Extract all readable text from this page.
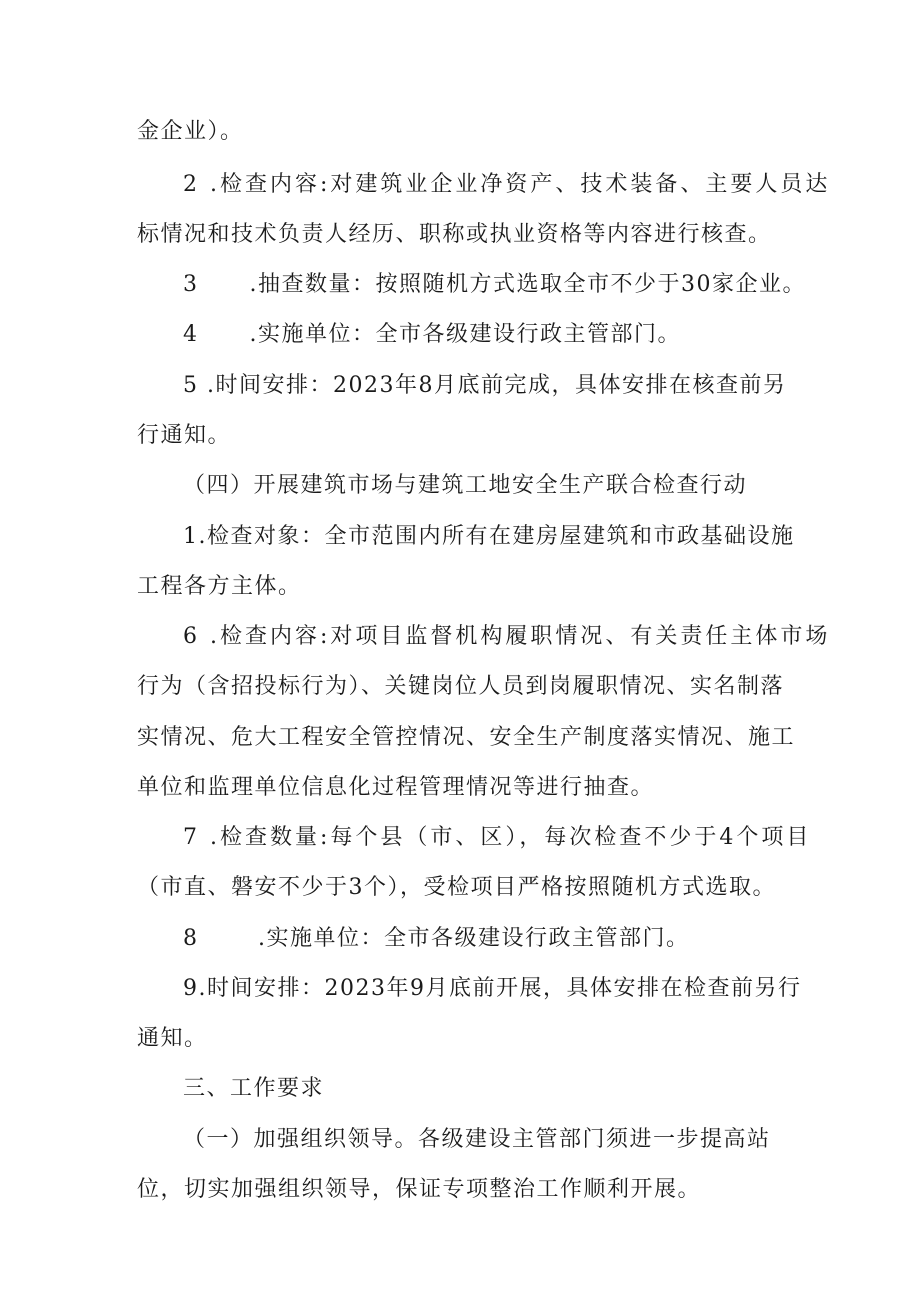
金企业）。
2 .检查内容:对建筑业企业净资产、技术装备、主要人员达
标情况和技术负责人经历、职称或执业资格等内容进行核查。
3      .抽查数量：按照随机方式选取全市不少于30家企业。
4      .实施单位：全市各级建设行政主管部门。
5 .时间安排：2023年8月底前完成，具体安排在核查前另
行通知。
（四）开展建筑市场与建筑工地安全生产联合检查行动
1.检查对象：全市范围内所有在建房屋建筑和市政基础设施
工程各方主体。
6 .检查内容:对项目监督机构履职情况、有关责任主体市场
行为（含招投标行为）、关键岗位人员到岗履职情况、实名制落
实情况、危大工程安全管控情况、安全生产制度落实情况、施工
单位和监理单位信息化过程管理情况等进行抽查。
7 .检查数量:每个县（市、区），每次检查不少于4个项目
（市直、磐安不少于3个），受检项目严格按照随机方式选取。
8       .实施单位：全市各级建设行政主管部门。
9.时间安排：2023年9月底前开展，具体安排在检查前另行
通知。
三、工作要求
（一）加强组织领导。各级建设主管部门须进一步提高站
位，切实加强组织领导，保证专项整治工作顺利开展。
